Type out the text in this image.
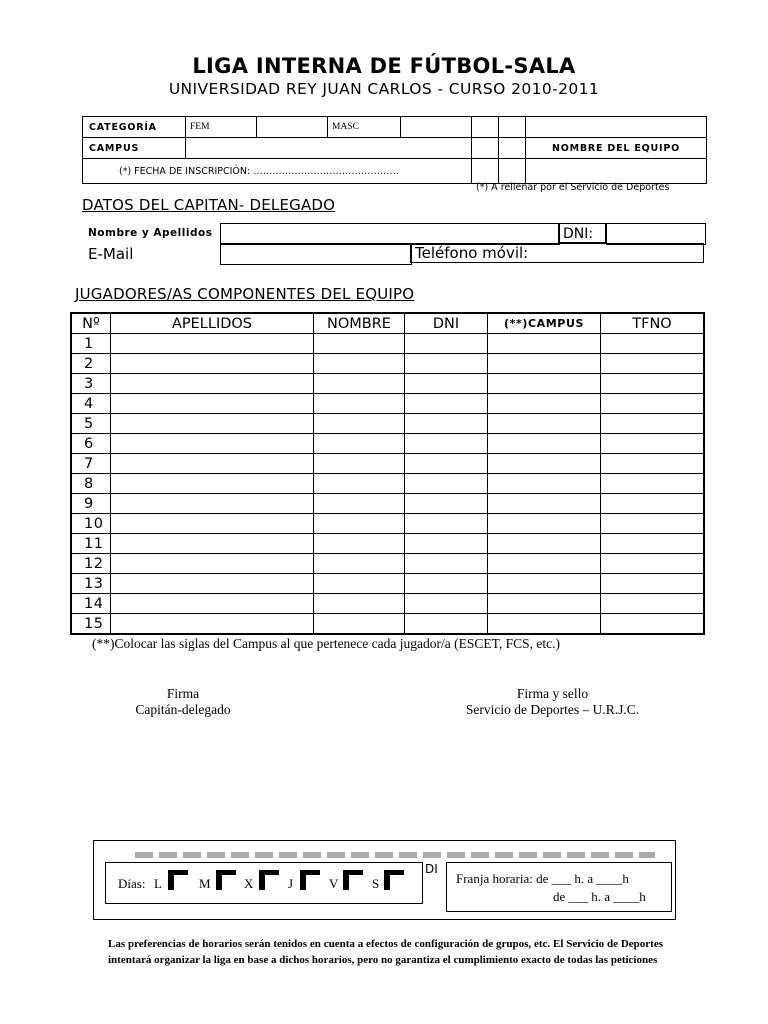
LIGA INTERNA DE FÚTBOL-SALA
UNIVERSIDAD REY JUAN CARLOS - CURSO 2010-2011
CATEGORÍA	FEM		MASC				
CAMPUS							NOMBRE DEL EQUIPO
(*) FECHA DE INSCRIPCIÓN: ……………………………………….							
(*) A rellenar por el Servicio de Deportes
DATOS DEL CAPITAN- DELEGADO
Nombre y Apellidos	DNI:
E-Mail	Teléfono móvil:
JUGADORES/AS COMPONENTES DEL EQUIPO
Nº	APELLIDOS	NOMBRE	DNI	(**)CAMPUS	TFNO
1					
2					
3					
4					
5					
6					
7					
8					
9					
10					
11					
12					
13					
14					
15					
(**)Colocar las siglas del Campus al que pertenece cada jugador/a (ESCET, FCS, etc.)
Firma
Capitán-delegado
Firma y sello
Servicio de Deportes – U.R.J.C.
Días: L	M	X	J	V	S
DI
Franja horaria: de ___ h. a ____h
de ___ h. a ____h
Las preferencias de horarios serán tenidos en cuenta a efectos de configuración de grupos, etc. El Servicio de Deportes intentará organizar la liga en base a dichos horarios, pero no garantiza el cumplimiento exacto de todas las peticiones
